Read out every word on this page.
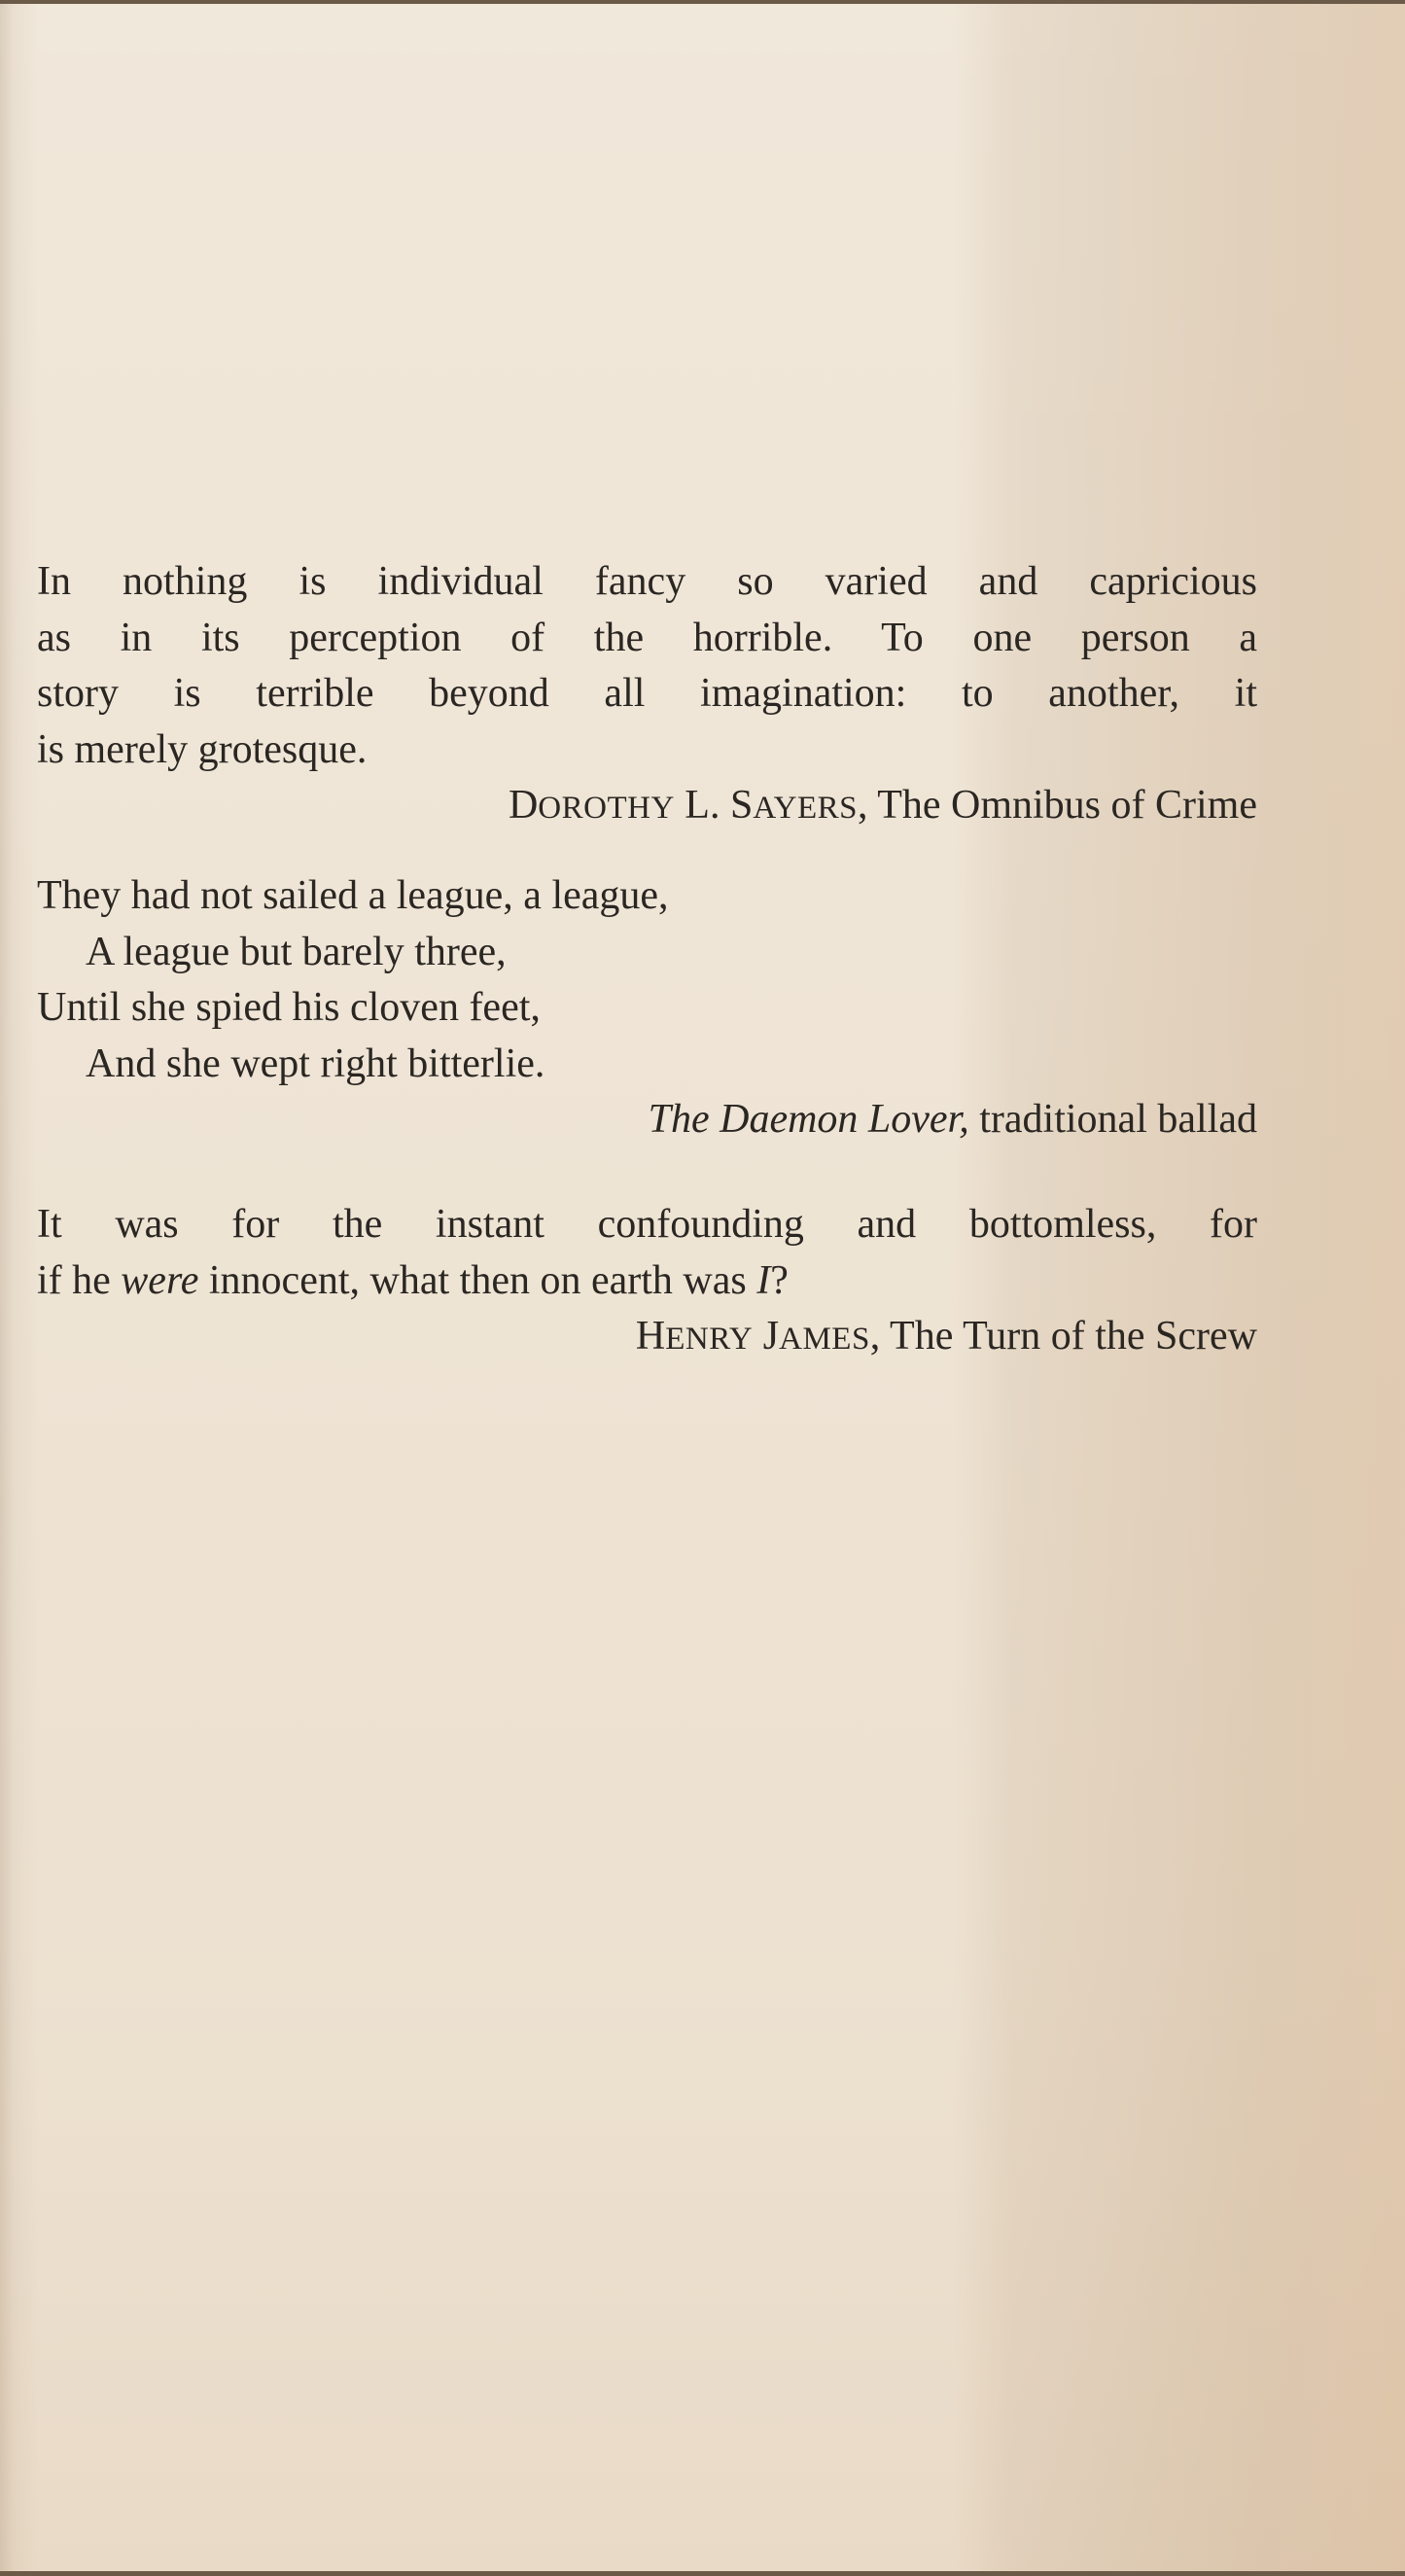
In nothing is individual fancy so varied and capricious
as in its perception of the horrible. To one person a
story is terrible beyond all imagination: to another, it
is merely grotesque.
DOROTHY L. SAYERS, The Omnibus of Crime
They had not sailed a league, a league,
A league but barely three,
Until she spied his cloven feet,
And she wept right bitterlie.
The Daemon Lover, traditional ballad
It was for the instant confounding and bottomless, for
if he were innocent, what then on earth was I?
HENRY JAMES, The Turn of the Screw
